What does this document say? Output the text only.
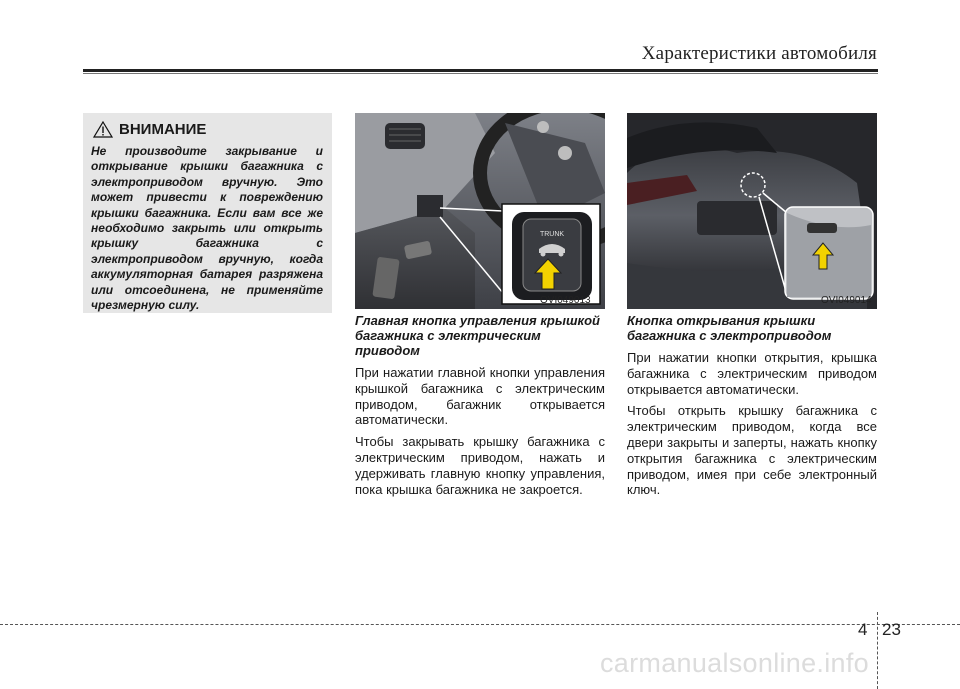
Характеристики автомобиля
ВНИМАНИЕ

Не производите закрывание и открывание крышки багажника с электроприводом вручную. Это может привести к повреждению крышки багажника. Если вам все же необходимо закрыть или открыть крышку багажника с электроприводом вручную, когда аккумуляторная батарея разряжена или отсоединена, не применяйте чрезмерную силу.

TRUNK
OVI049013	OVI049014

Главная кнопка управления крышкой багажника с электрическим приводом

При нажатии главной кнопки управления крышкой багажника с электрическим приводом, багажник открывается автоматически.

Чтобы закрывать крышку багажника с электрическим приводом, нажать и удерживать главную кнопку управления, пока крышка багажника не закроется.

Кнопка открывания крышки багажника с электроприводом

При нажатии кнопки открытия, крышка багажника с электрическим приводом открывается автоматически.

Чтобы открыть крышку багажника с электрическим приводом, когда все двери закрыты и заперты, нажать кнопку открытия багажника с электрическим приводом, имея при себе электронный ключ.

4 23
carmanualsonline.info
